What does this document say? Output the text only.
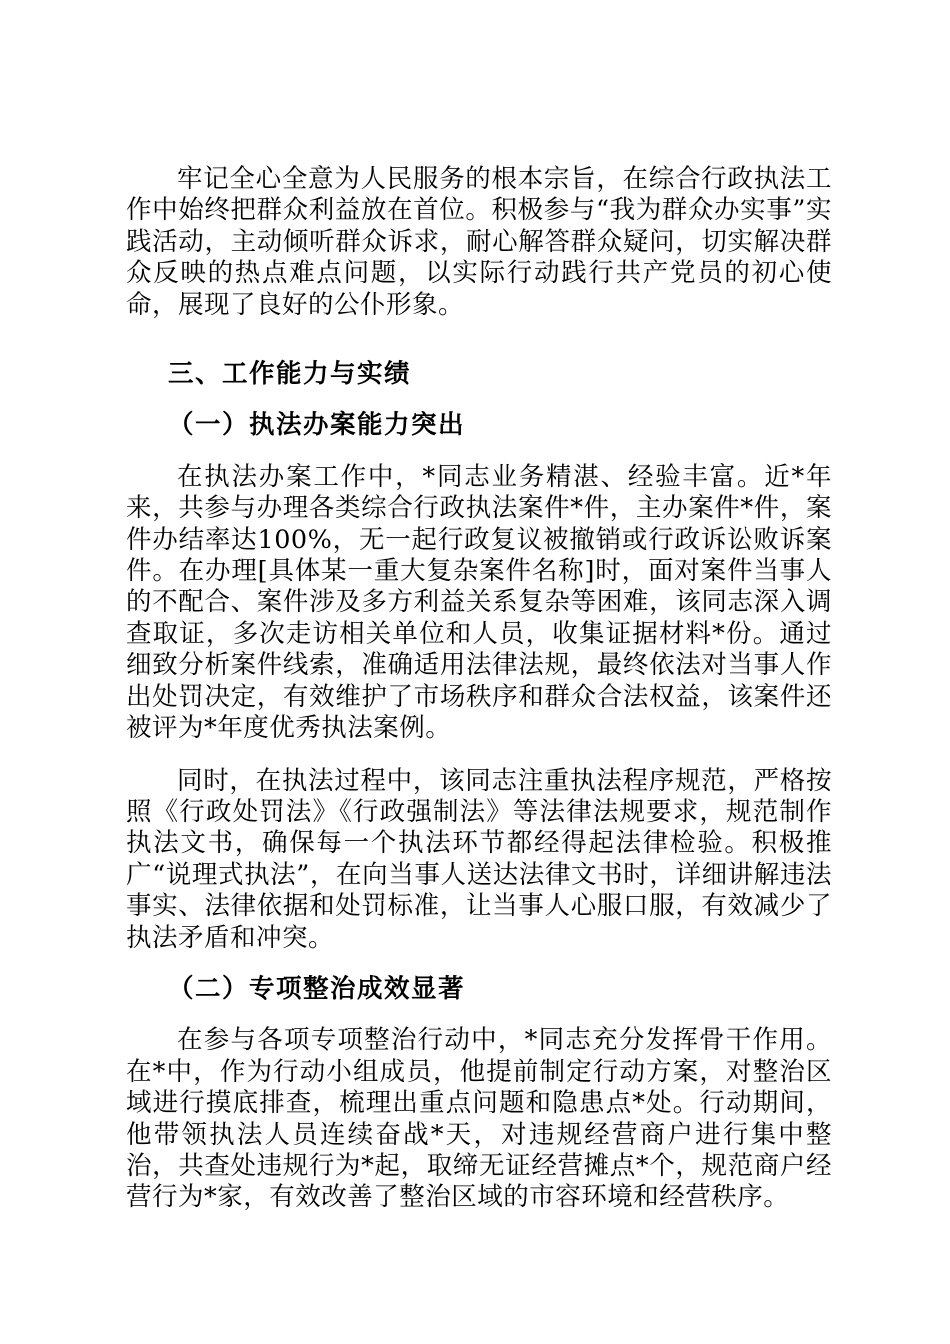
牢记全心全意为人民服务的根本宗旨，在综合行政执法工作中始终把群众利益放在首位。积极参与“我为群众办实事”实践活动，主动倾听群众诉求，耐心解答群众疑问，切实解决群众反映的热点难点问题，以实际行动践行共产党员的初心使命，展现了良好的公仆形象。

三、工作能力与实绩

（一）执法办案能力突出

在执法办案工作中，*同志业务精湛、经验丰富。近*年来，共参与办理各类综合行政执法案件*件，主办案件*件，案件办结率达100%，无一起行政复议被撤销或行政诉讼败诉案件。在办理[具体某一重大复杂案件名称]时，面对案件当事人的不配合、案件涉及多方利益关系复杂等困难，该同志深入调查取证，多次走访相关单位和人员，收集证据材料*份。通过细致分析案件线索，准确适用法律法规，最终依法对当事人作出处罚决定，有效维护了市场秩序和群众合法权益，该案件还被评为*年度优秀执法案例。

同时，在执法过程中，该同志注重执法程序规范，严格按照《行政处罚法》《行政强制法》等法律法规要求，规范制作执法文书，确保每一个执法环节都经得起法律检验。积极推广“说理式执法”，在向当事人送达法律文书时，详细讲解违法事实、法律依据和处罚标准，让当事人心服口服，有效减少了执法矛盾和冲突。

（二）专项整治成效显著

在参与各项专项整治行动中，*同志充分发挥骨干作用。在*中，作为行动小组成员，他提前制定行动方案，对整治区域进行摸底排查，梳理出重点问题和隐患点*处。行动期间，他带领执法人员连续奋战*天，对违规经营商户进行集中整治，共查处违规行为*起，取缔无证经营摊点*个，规范商户经营行为*家，有效改善了整治区域的市容环境和经营秩序。
